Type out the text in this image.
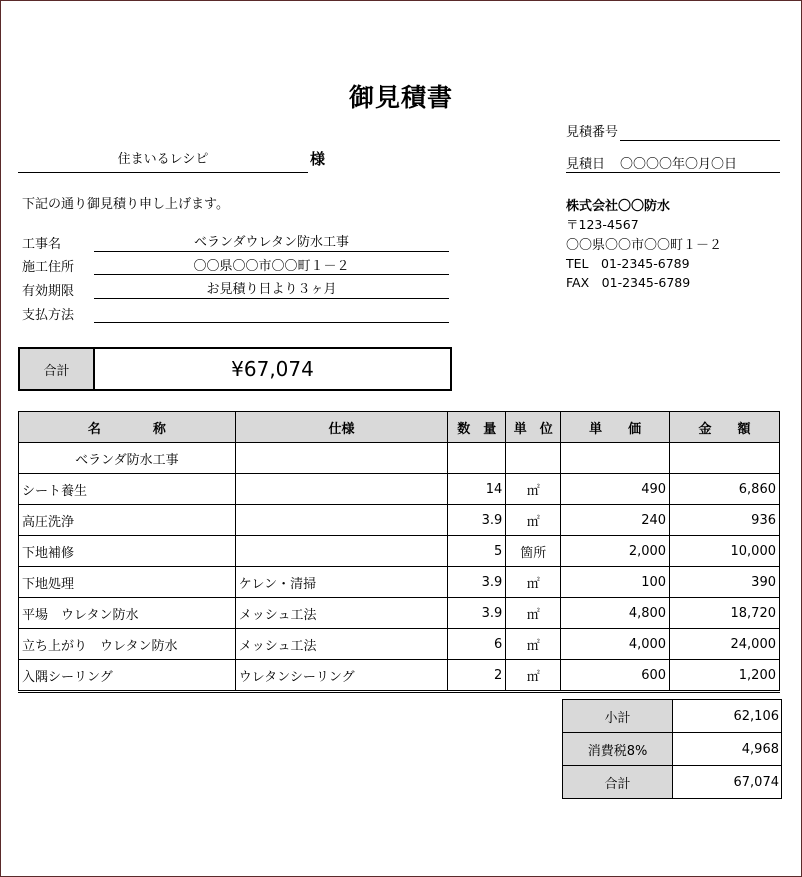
御見積書
住まいるレシピ	様
下記の通り御見積り申し上げます。
工事名	ベランダウレタン防水工事
施工住所	〇〇県〇〇市〇〇町１－２
有効期限	お見積り日より３ヶ月
支払方法
見積番号
見積日 〇〇〇〇年〇月〇日
株式会社〇〇防水
〒123-4567
〇〇県〇〇市〇〇町１－２
TEL　01-2345-6789
FAX　01-2345-6789
合計	¥67,074
名　　　　称	仕様	数　量	単　位	単　　価	金　　額
ベランダ防水工事					
シート養生		14	㎡	490	6,860
高圧洗浄		3.9	㎡	240	936
下地補修		5	箇所	2,000	10,000
下地処理	ケレン・清掃	3.9	㎡	100	390
平場　ウレタン防水	メッシュ工法	3.9	㎡	4,800	18,720
立ち上がり　ウレタン防水	メッシュ工法	6	㎡	4,000	24,000
入隅シーリング	ウレタンシーリング	2	㎡	600	1,200
小計	62,106
消費税8%	4,968
合計	67,074
